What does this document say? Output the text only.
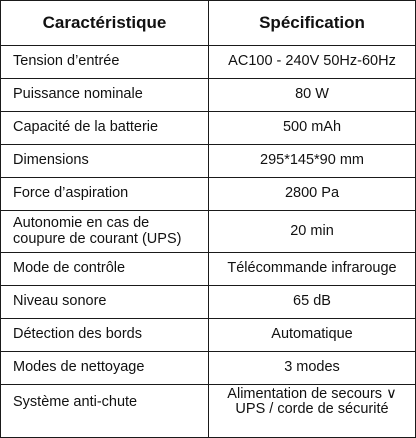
Caractéristique	Spécification
Tension d’entrée	AC100 - 240V 50Hz-60Hz
Puissance nominale	80 W
Capacité de la batterie	500 mAh
Dimensions	295*145*90 mm
Force d’aspiration	2800 Pa
Autonomie en cas de coupure de courant (UPS)	20 min
Mode de contrôle	Télécommande infrarouge
Niveau sonore	65 dB
Détection des bords	Automatique
Modes de nettoyage	3 modes
Système anti-chute	Alimentation de secours ∨ UPS / corde de sécurité
